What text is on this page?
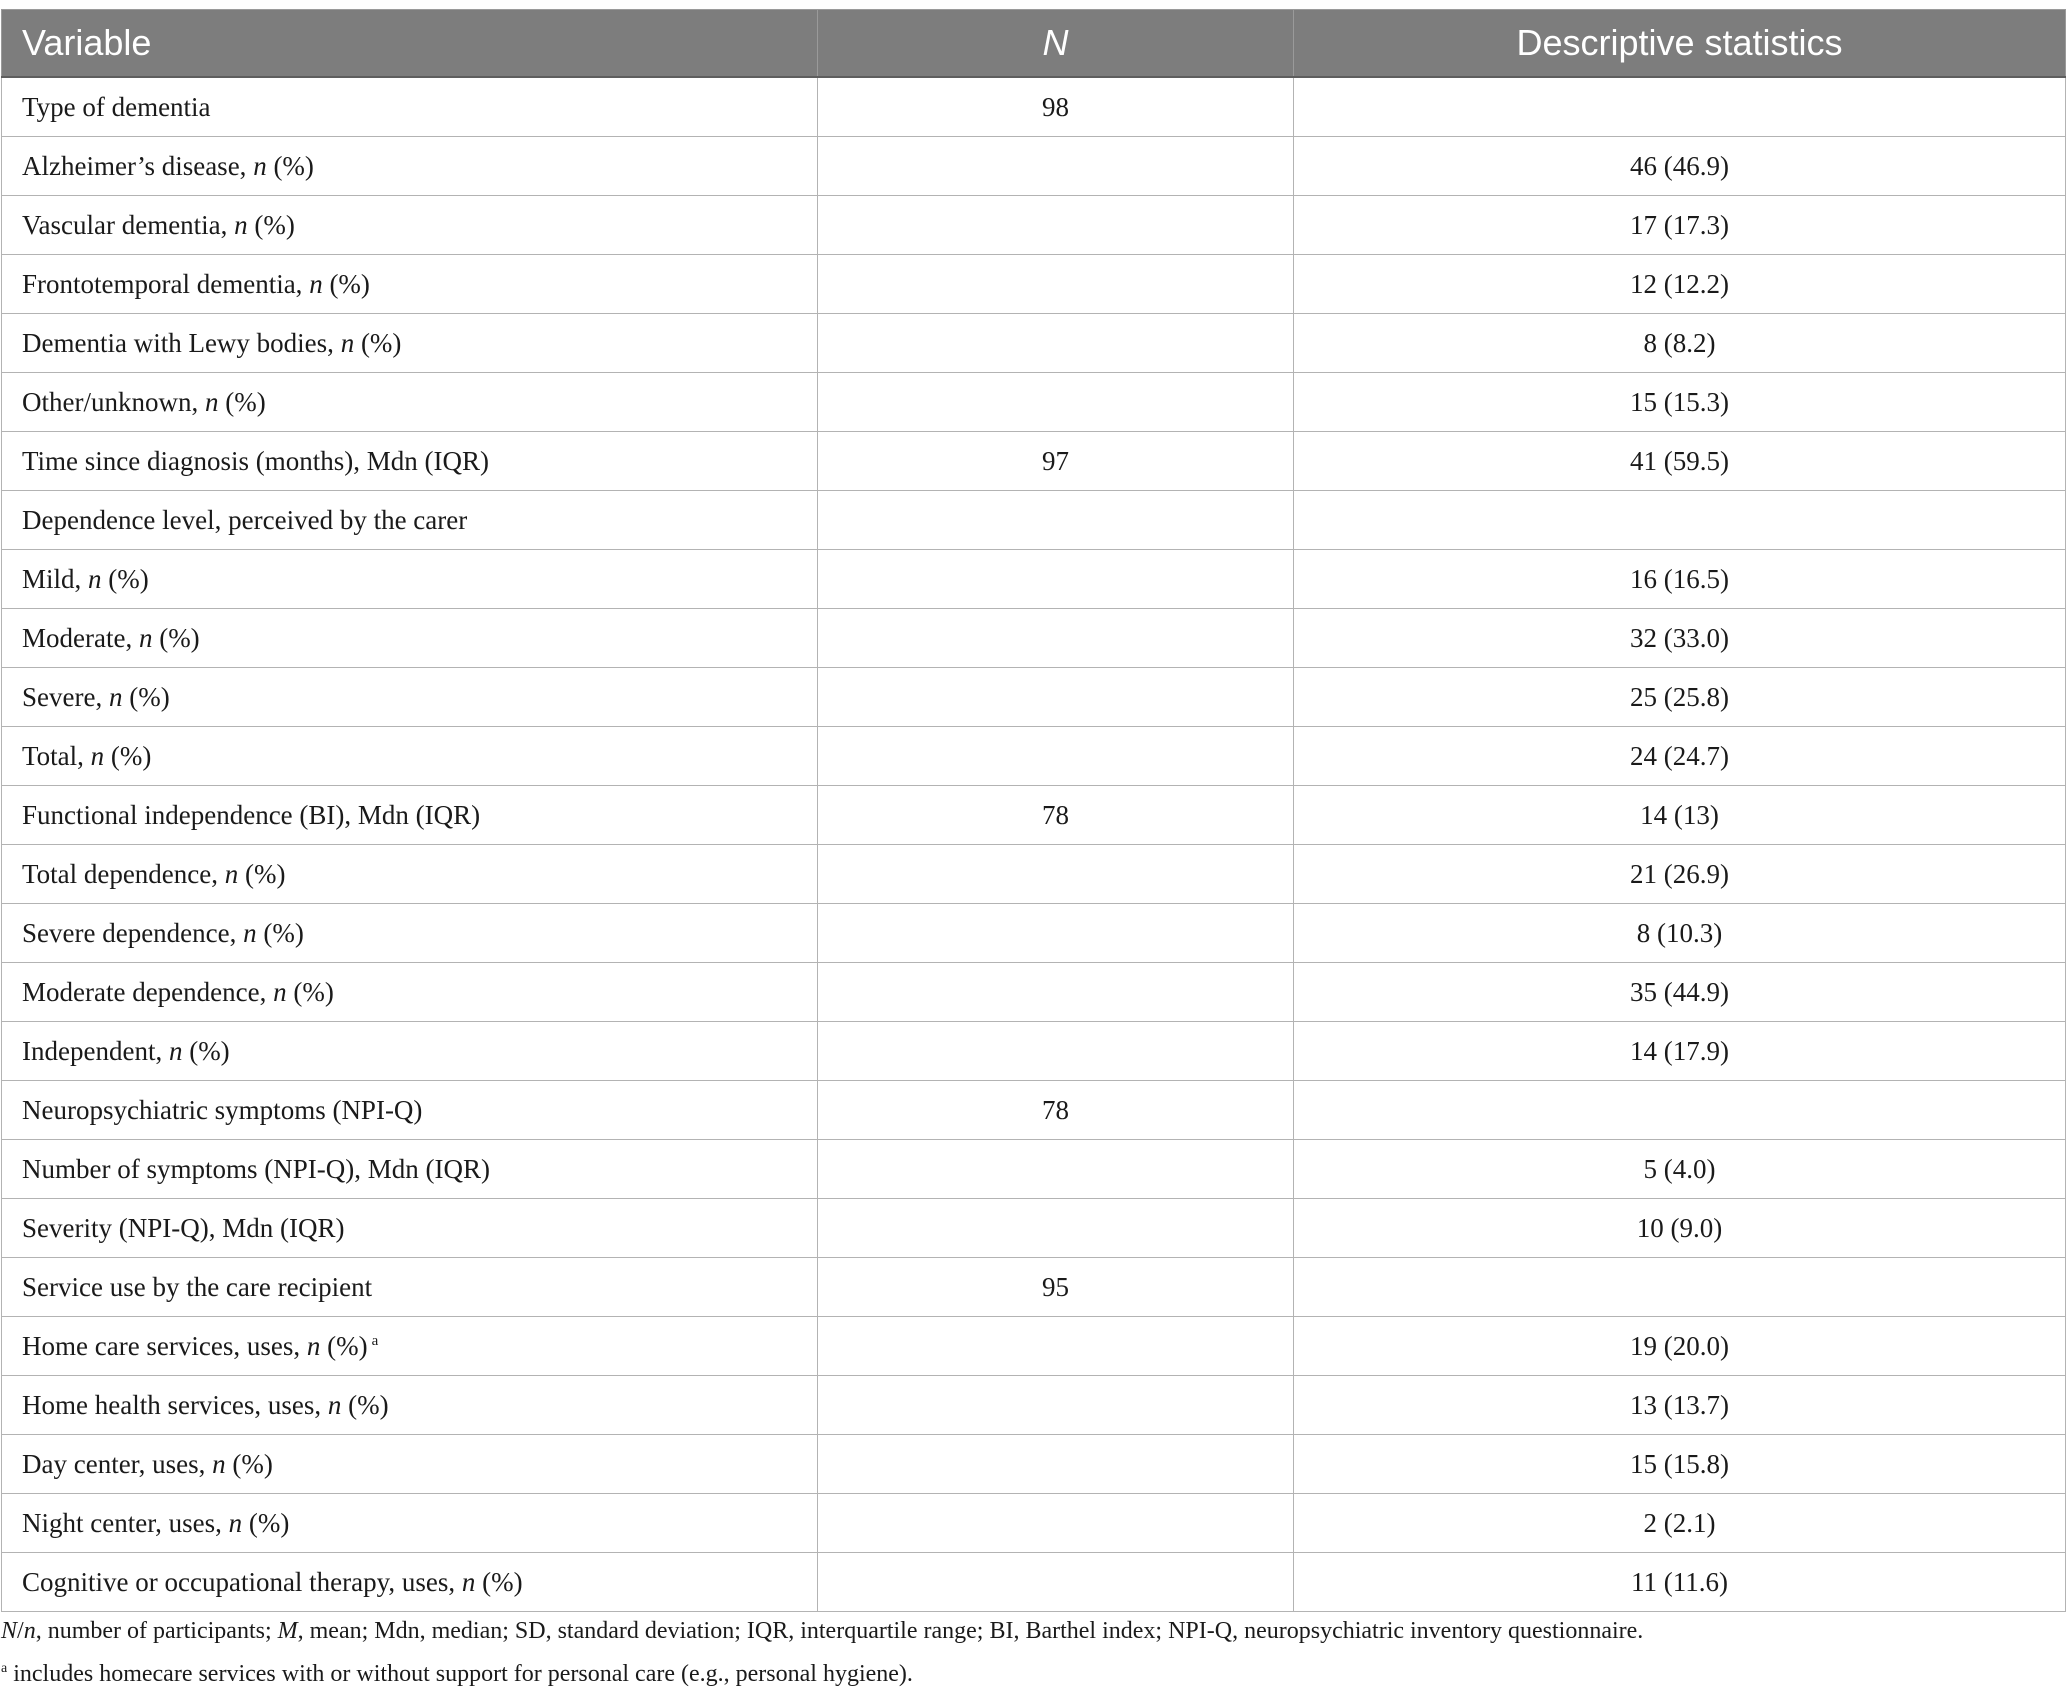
Variable	N	Descriptive statistics
Type of dementia	98	
Alzheimer’s disease, n (%)		46 (46.9)
Vascular dementia, n (%)		17 (17.3)
Frontotemporal dementia, n (%)		12 (12.2)
Dementia with Lewy bodies, n (%)		8 (8.2)
Other/unknown, n (%)		15 (15.3)
Time since diagnosis (months), Mdn (IQR)	97	41 (59.5)
Dependence level, perceived by the carer		
Mild, n (%)		16 (16.5)
Moderate, n (%)		32 (33.0)
Severe, n (%)		25 (25.8)
Total, n (%)		24 (24.7)
Functional independence (BI), Mdn (IQR)	78	14 (13)
Total dependence, n (%)		21 (26.9)
Severe dependence, n (%)		8 (10.3)
Moderate dependence, n (%)		35 (44.9)
Independent, n (%)		14 (17.9)
Neuropsychiatric symptoms (NPI-Q)	78	
Number of symptoms (NPI-Q), Mdn (IQR)		5 (4.0)
Severity (NPI-Q), Mdn (IQR)		10 (9.0)
Service use by the care recipient	95	
Home care services, uses, n (%) $^a$		19 (20.0)
Home health services, uses, n (%)		13 (13.7)
Day center, uses, n (%)		15 (15.8)
Night center, uses, n (%)		2 (2.1)
Cognitive or occupational therapy, uses, n (%)		11 (11.6)
N/n, number of participants; M, mean; Mdn, median; SD, standard deviation; IQR, interquartile range; BI, Barthel index; NPI-Q, neuropsychiatric inventory questionnaire.
$^a$ includes homecare services with or without support for personal care (e.g., personal hygiene).
